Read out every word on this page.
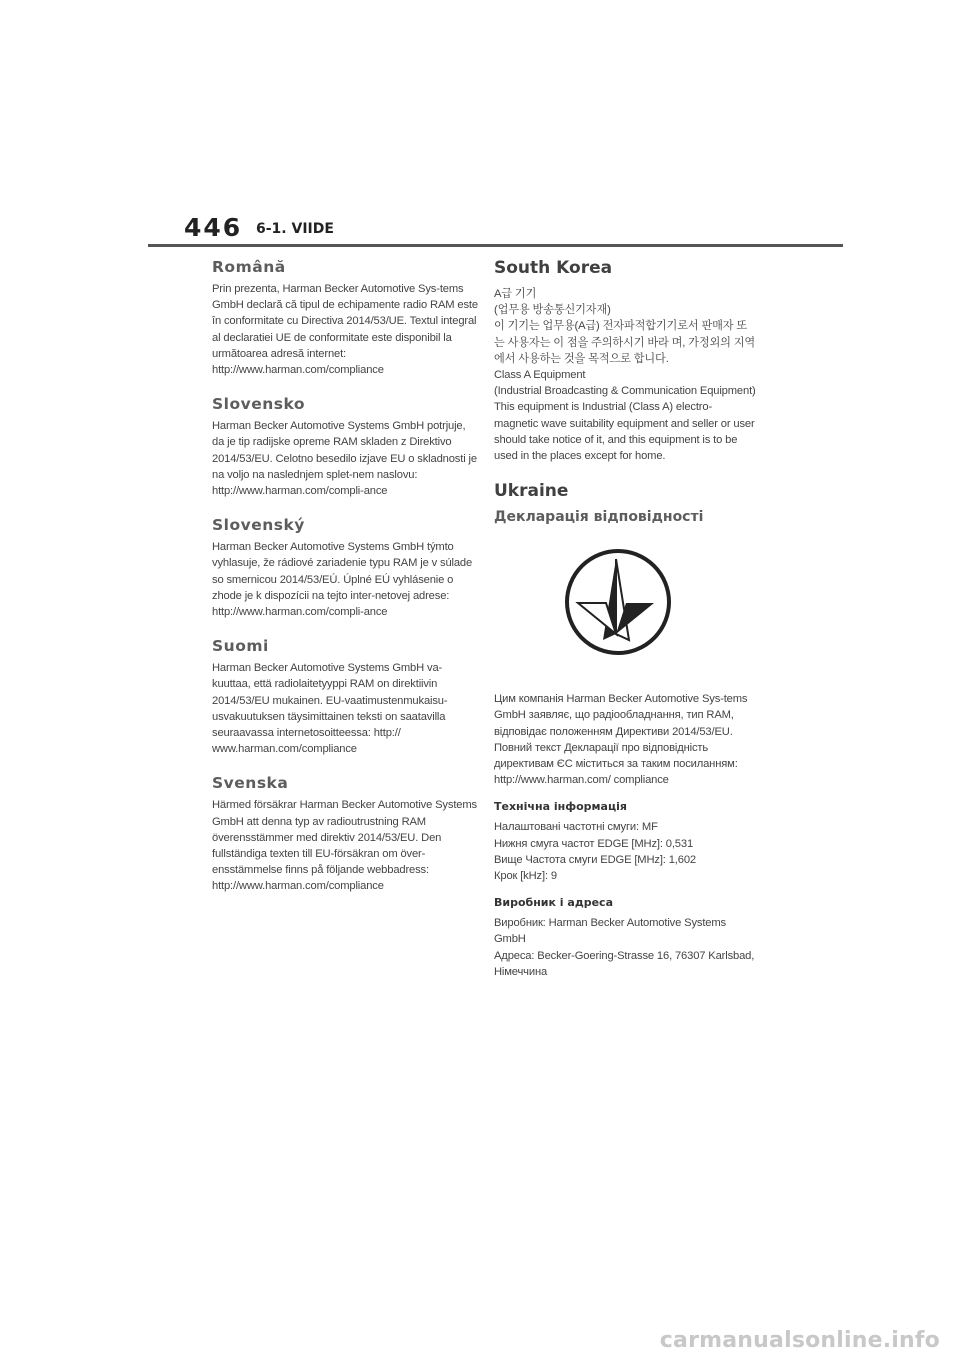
446 6-1. VIIDE
Română

Prin prezenta, Harman Becker Automotive Sys-tems GmbH declară că tipul de echipamente radio RAM este în conformitate cu Directiva 2014/53/UE. Textul integral al declaratiei UE de conformitate este disponibil la următoarea adresă internet: http://www.harman.com/compliance

Slovensko

Harman Becker Automotive Systems GmbH potrjuje, da je tip radijske opreme RAM skladen z Direktivo 2014/53/EU. Celotno besedilo izjave EU o skladnosti je na voljo na naslednjem splet-nem naslovu: http://www.harman.com/compli-ance

Slovenský

Harman Becker Automotive Systems GmbH týmto vyhlasuje, že rádiové zariadenie typu RAM je v súlade so smernicou 2014/53/EÚ. Úplné EÚ vyhlásenie o zhode je k dispozícii na tejto inter-netovej adrese: http://www.harman.com/compli-ance

Suomi

Harman Becker Automotive Systems GmbH va-kuuttaa, että radiolaitetyyppi RAM on direktiivin 2014/53/EU mukainen. EU-vaatimustenmukaisu-usvakuutuksen täysimittainen teksti on saatavilla seuraavassa internetosoitteessa: http:// www.harman.com/compliance

Svenska

Härmed försäkrar Harman Becker Automotive Systems GmbH att denna typ av radioutrustning RAM överensstämmer med direktiv 2014/53/EU. Den fullständiga texten till EU-försäkran om över-ensstämmelse finns på följande webbadress: http://www.harman.com/compliance

South Korea

A급 기기

(업무용 방송통신기자재)

이 기기는 업무용(A급) 전자파적합기기로서 판매자 또는 사용자는 이 점을 주의하시기 바라 며, 가정외의 지역에서 사용하는 것을 목적으로 합니다.

Class A Equipment

(Industrial Broadcasting & Communication Equipment)

This equipment is Industrial (Class A) electro-magnetic wave suitability equipment and seller or user should take notice of it, and this equipment is to be used in the places except for home.

Ukraine
Декларація відповідності

Цим компанія Harman Becker Automotive Sys-tems GmbH заявляє, що радіообладнання, тип RAM, відповідає положенням Директиви 2014/53/EU. Повний текст Декларації про відповідність директивам ЄС міститься за таким посиланням: http://www.harman.com/ compliance

Технічна інформація

Налаштовані частотні смуги: MF

Нижня смуга частот EDGE [MHz]: 0,531

Вище Частота смуги EDGE [MHz]: 1,602

Крок [kHz]: 9

Виробник і адреса

Виробник: Harman Becker Automotive Systems GmbH

Адреса: Becker-Goering-Strasse 16, 76307 Karlsbad, Німеччина

carmanualsonline.info
